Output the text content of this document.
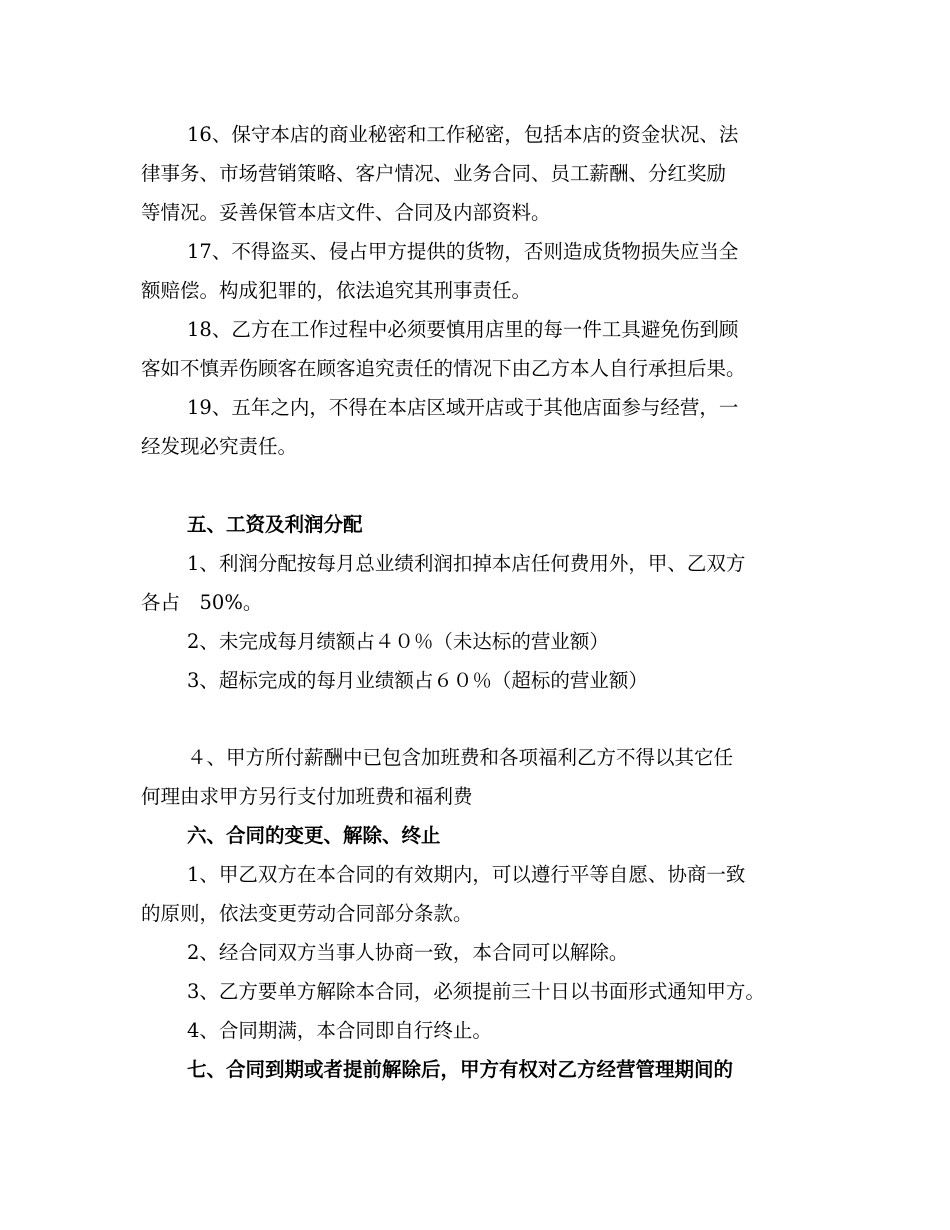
16、保守本店的商业秘密和工作秘密，包括本店的资金状况、法
律事务、市场营销策略、客户情况、业务合同、员工薪酬、分红奖励
等情况。妥善保管本店文件、合同及内部资料。
17、不得盗买、侵占甲方提供的货物，否则造成货物损失应当全
额赔偿。构成犯罪的，依法追究其刑事责任。
18、乙方在工作过程中必须要慎用店里的每一件工具避免伤到顾
客如不慎弄伤顾客在顾客追究责任的情况下由乙方本人自行承担后果。
19、五年之内，不得在本店区域开店或于其他店面参与经营，一
经发现必究责任。
五、工资及利润分配
1、利润分配按每月总业绩利润扣掉本店任何费用外，甲、乙双方
各占　50%。
2、未完成每月绩额占４０％（未达标的营业额）
3、超标完成的每月业绩额占６０％（超标的营业额）
４、甲方所付薪酬中已包含加班费和各项福利乙方不得以其它任
何理由求甲方另行支付加班费和福利费
六、合同的变更、解除、终止
1、甲乙双方在本合同的有效期内，可以遵行平等自愿、协商一致
的原则，依法变更劳动合同部分条款。
2、经合同双方当事人协商一致，本合同可以解除。
3、乙方要单方解除本合同，必须提前三十日以书面形式通知甲方。
4、合同期满，本合同即自行终止。
七、合同到期或者提前解除后，甲方有权对乙方经营管理期间的
